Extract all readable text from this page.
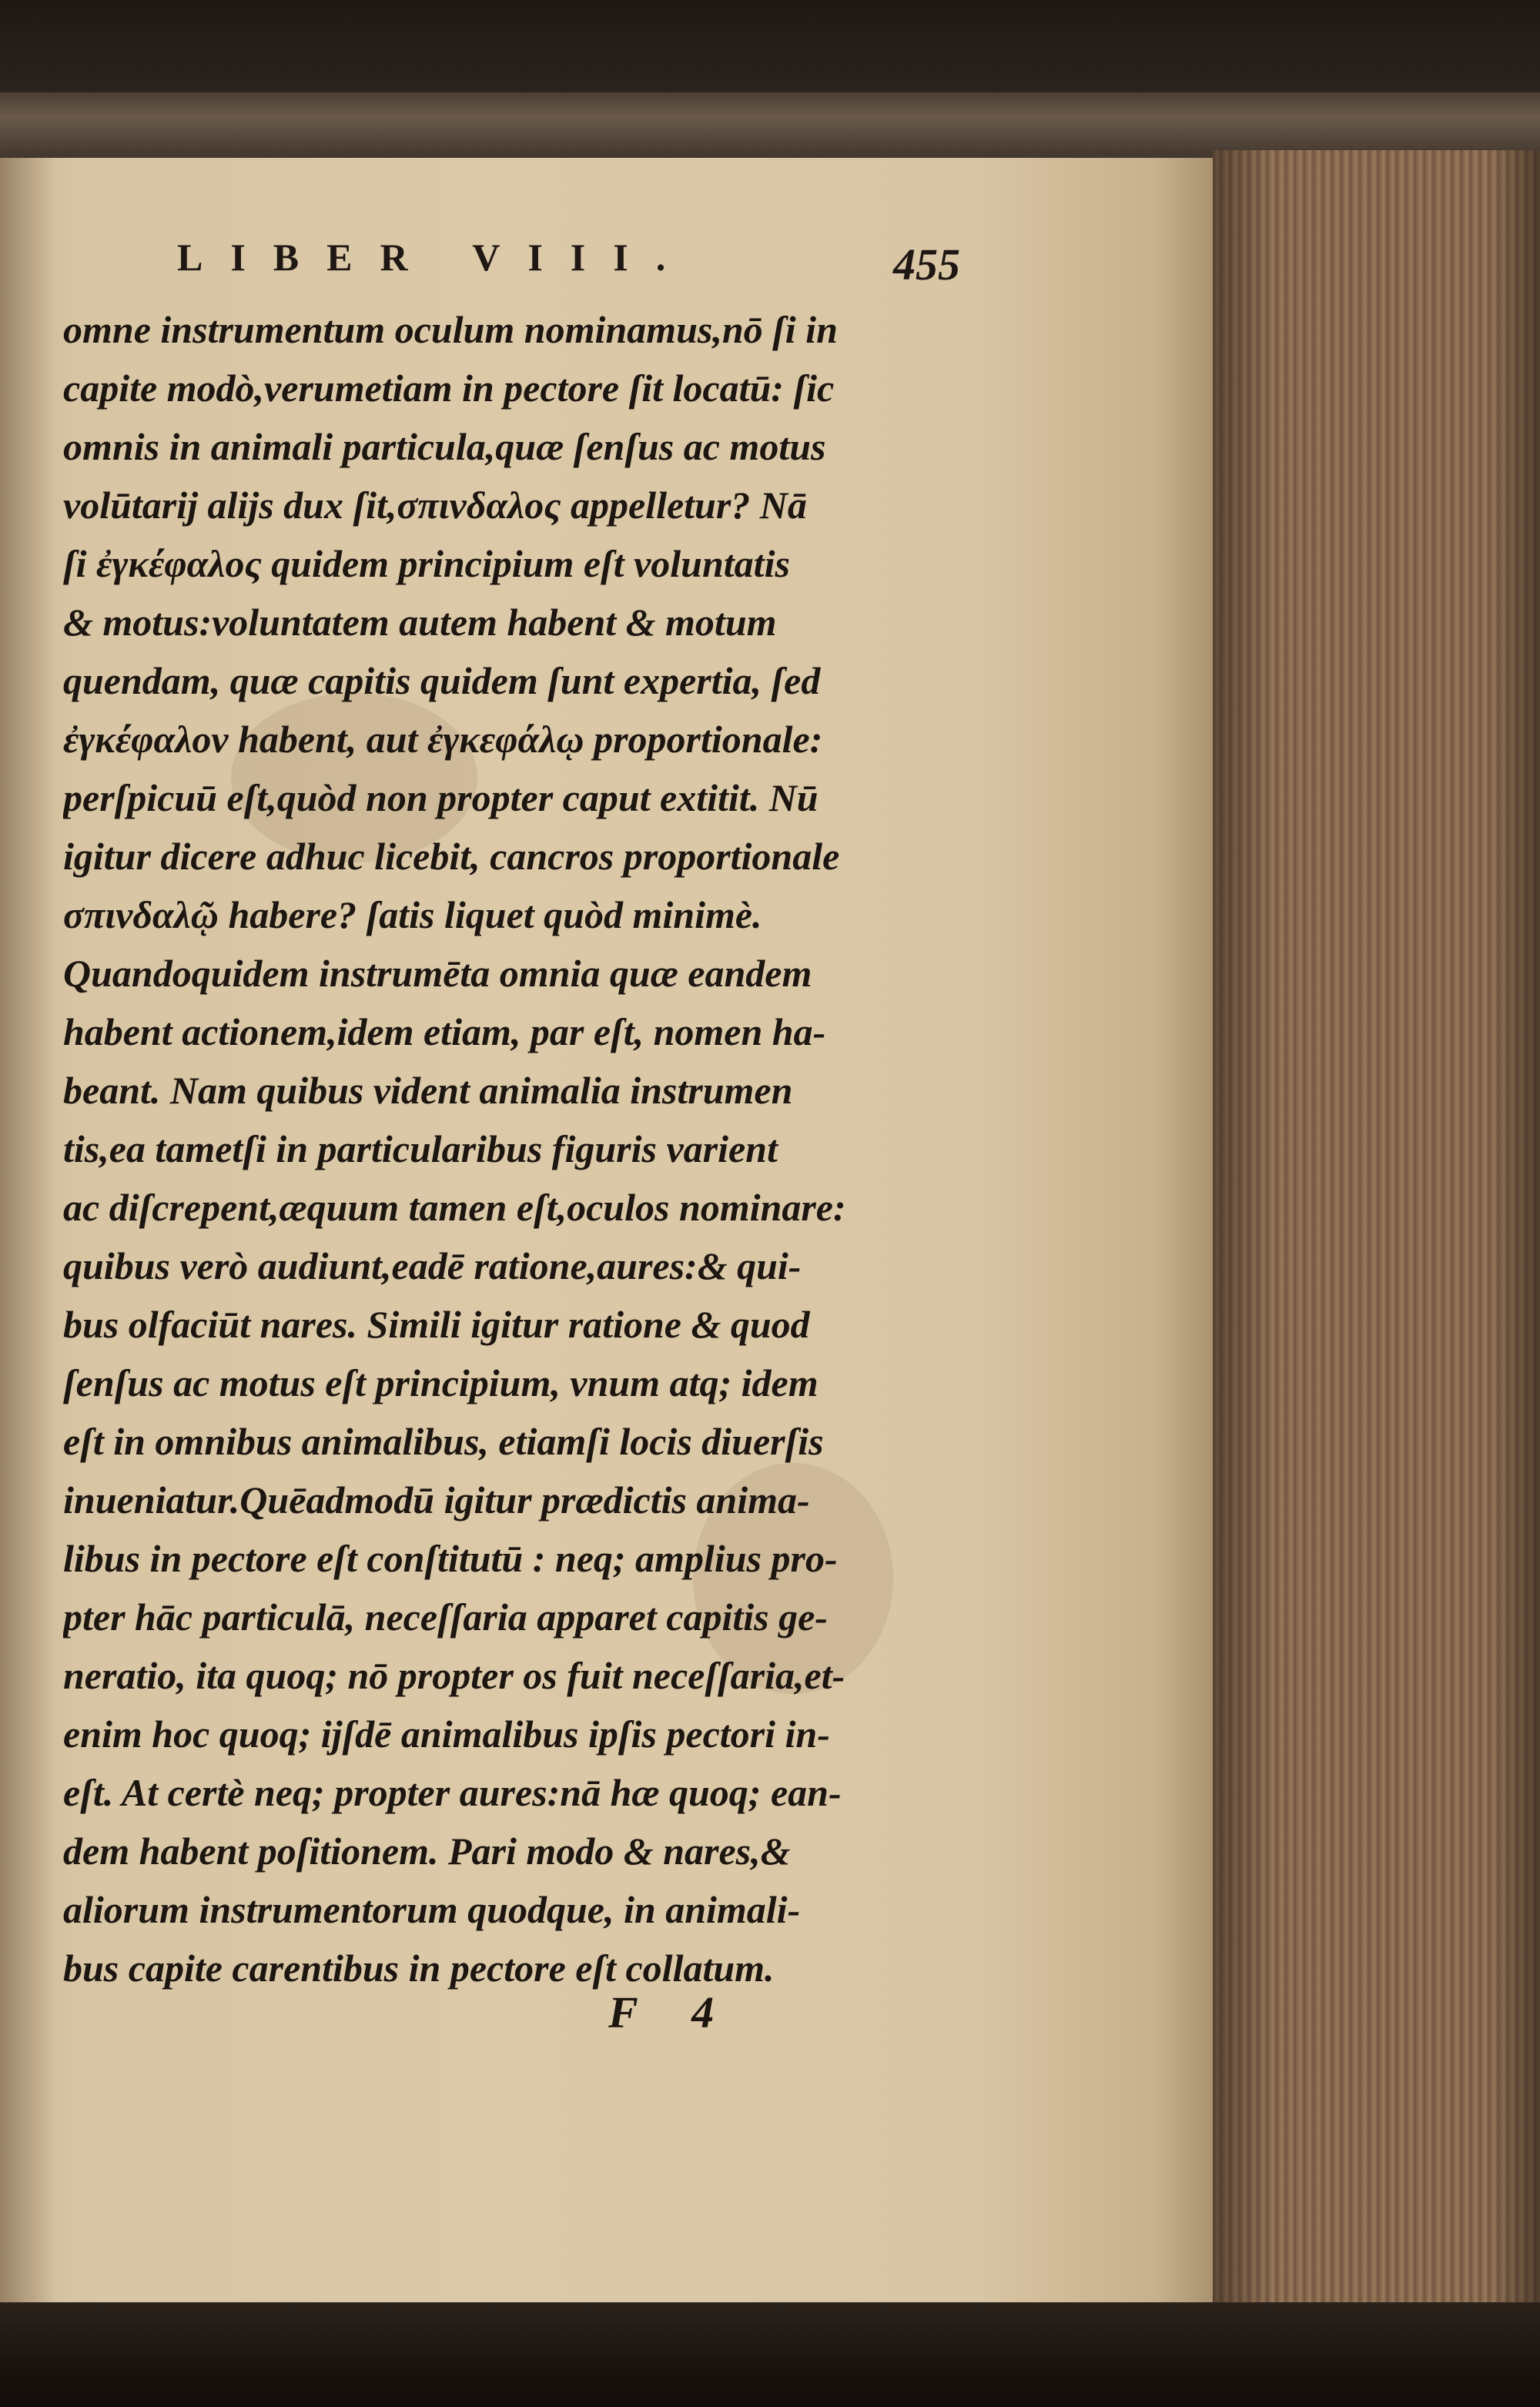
LIBER VIII.	455
omne instrumentum oculum nominamus,nō ſi in
capite modò,verumetiam in pectore ſit locatū: ſic
omnis in animali particula,quæ ſenſus ac motus
volūtarij alijs dux ſit,σπινδαλος appelletur? Nā
ſi ἐγκέφαλος quidem principium eſt voluntatis
& motus:voluntatem autem habent & motum
quendam, quæ capitis quidem ſunt expertia, ſed
ἐγκέφαλον habent, aut ἐγκεφάλῳ proportionale:
perſpicuū eſt,quòd non propter caput extitit. Nū
igitur dicere adhuc licebit, cancros proportionale
σπινδαλῷ habere? ſatis liquet quòd minimè.
Quandoquidem instrumēta omnia quæ eandem
habent actionem,idem etiam, par eſt, nomen ha-
beant. Nam quibus vident animalia instrumen
tis,ea tametſi in particularibus figuris varient
ac diſcrepent,æquum tamen eſt,oculos nominare:
quibus verò audiunt,eadē ratione,aures:& qui-
bus olfaciūt nares. Simili igitur ratione & quod
ſenſus ac motus eſt principium, vnum atq; idem
eſt in omnibus animalibus, etiamſi locis diuerſis
inueniatur.Quēadmodū igitur prædictis anima-
libus in pectore eſt conſtitutū : neq; amplius pro-
pter hāc particulā, neceſſaria apparet capitis ge-
neratio, ita quoq; nō propter os fuit neceſſaria,et-
enim hoc quoq; ijſdē animalibus ipſis pectori in-
eſt. At certè neq; propter aures:nā hæ quoq; ean-
dem habent poſitionem. Pari modo & nares,&
aliorum instrumentorum quodque, in animali-
bus capite carentibus in pectore eſt collatum.
F 4
